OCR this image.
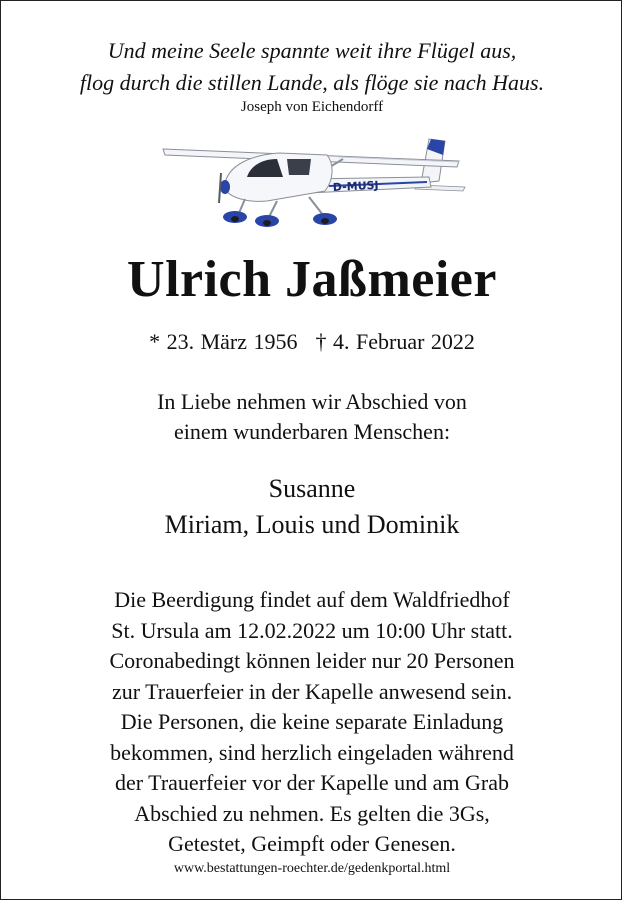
Und meine Seele spannte weit ihre Flügel aus,
flog durch die stillen Lande, als flöge sie nach Haus.
Joseph von Eichendorff
D-MUSJ
Ulrich Jaßmeier
* 23. März 1956 † 4. Februar 2022
In Liebe nehmen wir Abschied von
einem wunderbaren Menschen:
Susanne
Miriam, Louis und Dominik
Die Beerdigung findet auf dem Waldfriedhof
St. Ursula am 12.02.2022 um 10:00 Uhr statt.
Coronabedingt können leider nur 20 Personen
zur Trauerfeier in der Kapelle anwesend sein.
Die Personen, die keine separate Einladung
bekommen, sind herzlich eingeladen während
der Trauerfeier vor der Kapelle und am Grab
Abschied zu nehmen. Es gelten die 3Gs,
Getestet, Geimpft oder Genesen.
www.bestattungen-roechter.de/gedenkportal.html
